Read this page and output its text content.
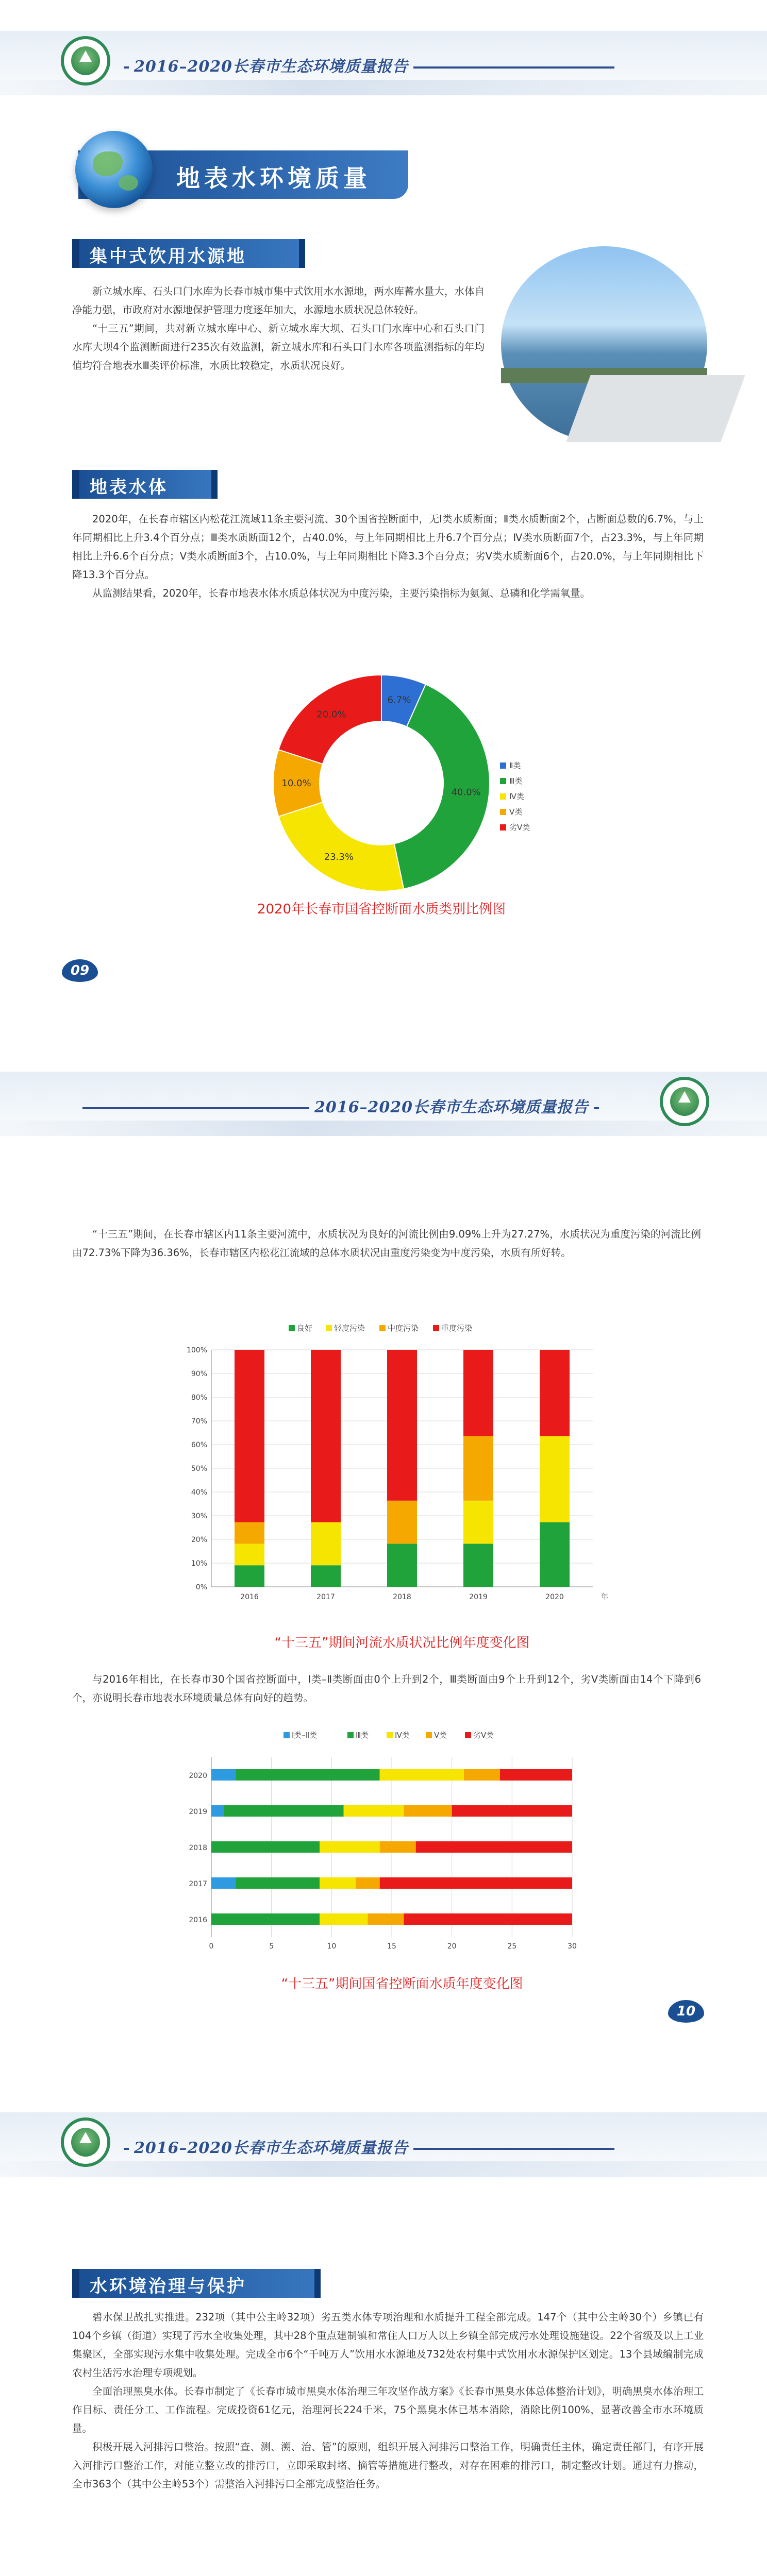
2016–2020长春市生态环境质量报告
地表水环境质量
集中式饮用水源地

新立城水库、石头口门水库为长春市城市集中式饮用水水源地，两水库蓄水量大，水体自净能力强，市政府对水源地保护管理力度逐年加大，水源地水质状况总体较好。

“十三五”期间，共对新立城水库中心、新立城水库大坝、石头口门水库中心和石头口门水库大坝4个监测断面进行235次有效监测，新立城水库和石头口门水库各项监测指标的年均值均符合地表水Ⅲ类评价标准，水质比较稳定，水质状况良好。

地表水体

2020年，在长春市辖区内松花江流域11条主要河流、30个国省控断面中，无Ⅰ类水质断面；Ⅱ类水质断面2个，占断面总数的6.7%，与上年同期相比上升3.4个百分点；Ⅲ类水质断面12个，占40.0%，与上年同期相比上升6.7个百分点；Ⅳ类水质断面7个，占23.3%，与上年同期相比上升6.6个百分点；Ⅴ类水质断面3个，占10.0%，与上年同期相比下降3.3个百分点；劣Ⅴ类水质断面6个，占20.0%，与上年同期相比下降13.3个百分点。

从监测结果看，2020年，长春市地表水体水质总体状况为中度污染，主要污染指标为氨氮、总磷和化学需氧量。

6.7%
40.0%
23.3%
10.0%
20.0%
Ⅱ类
Ⅲ类
Ⅳ类
Ⅴ类
劣Ⅴ类
2020年长春市国省控断面水质类别比例图
09
2016–2020长春市生态环境质量报告

“十三五”期间，在长春市辖区内11条主要河流中，水质状况为良好的河流比例由9.09%上升为27.27%，水质状况为重度污染的河流比例由72.73%下降为36.36%，长春市辖区内松花江流域的总体水质状况由重度污染变为中度污染，水质有所好转。

良好	轻度污染	中度污染	重度污染
0%
10%
20%
30%
40%
50%
60%
70%
80%
90%
100%
2016	2017	2018	2019	2020	年
“十三五”期间河流水质状况比例年度变化图

与2016年相比，在长春市30个国省控断面中，Ⅰ类–Ⅱ类断面由0个上升到2个，Ⅲ类断面由9个上升到12个，劣Ⅴ类断面由14个下降到6个，亦说明长春市地表水环境质量总体有向好的趋势。

Ⅰ类–Ⅱ类	Ⅲ类	Ⅳ类	Ⅴ类	劣Ⅴ类
0	5	10	15	20	25	30
2020
2019
2018
2017
2016
“十三五”期间国省控断面水质年度变化图
10
2016–2020长春市生态环境质量报告
水环境治理与保护

碧水保卫战扎实推进。232项（其中公主岭32项）劣五类水体专项治理和水质提升工程全部完成。147个（其中公主岭30个）乡镇已有104个乡镇（街道）实现了污水全收集处理，其中28个重点建制镇和常住人口万人以上乡镇全部完成污水处理设施建设。22个省级及以上工业集聚区，全部实现污水集中收集处理。完成全市6个“千吨万人”饮用水水源地及732处农村集中式饮用水水源保护区划定。13个县域编制完成农村生活污水治理专项规划。

全面治理黑臭水体。长春市制定了《长春市城市黑臭水体治理三年攻坚作战方案》《长春市黑臭水体总体整治计划》，明确黑臭水体治理工作目标、责任分工、工作流程。完成投资61亿元，治理河长224千米，75个黑臭水体已基本消除，消除比例100%，显著改善全市水环境质量。

积极开展入河排污口整治。按照“查、测、溯、治、管”的原则，组织开展入河排污口整治工作，明确责任主体，确定责任部门，有序开展入河排污口整治工作，对能立整立改的排污口，立即采取封堵、摘管等措施进行整改，对存在困难的排污口，制定整改计划。通过有力推动，全市363个（其中公主岭53个）需整治入河排污口全部完成整治任务。
